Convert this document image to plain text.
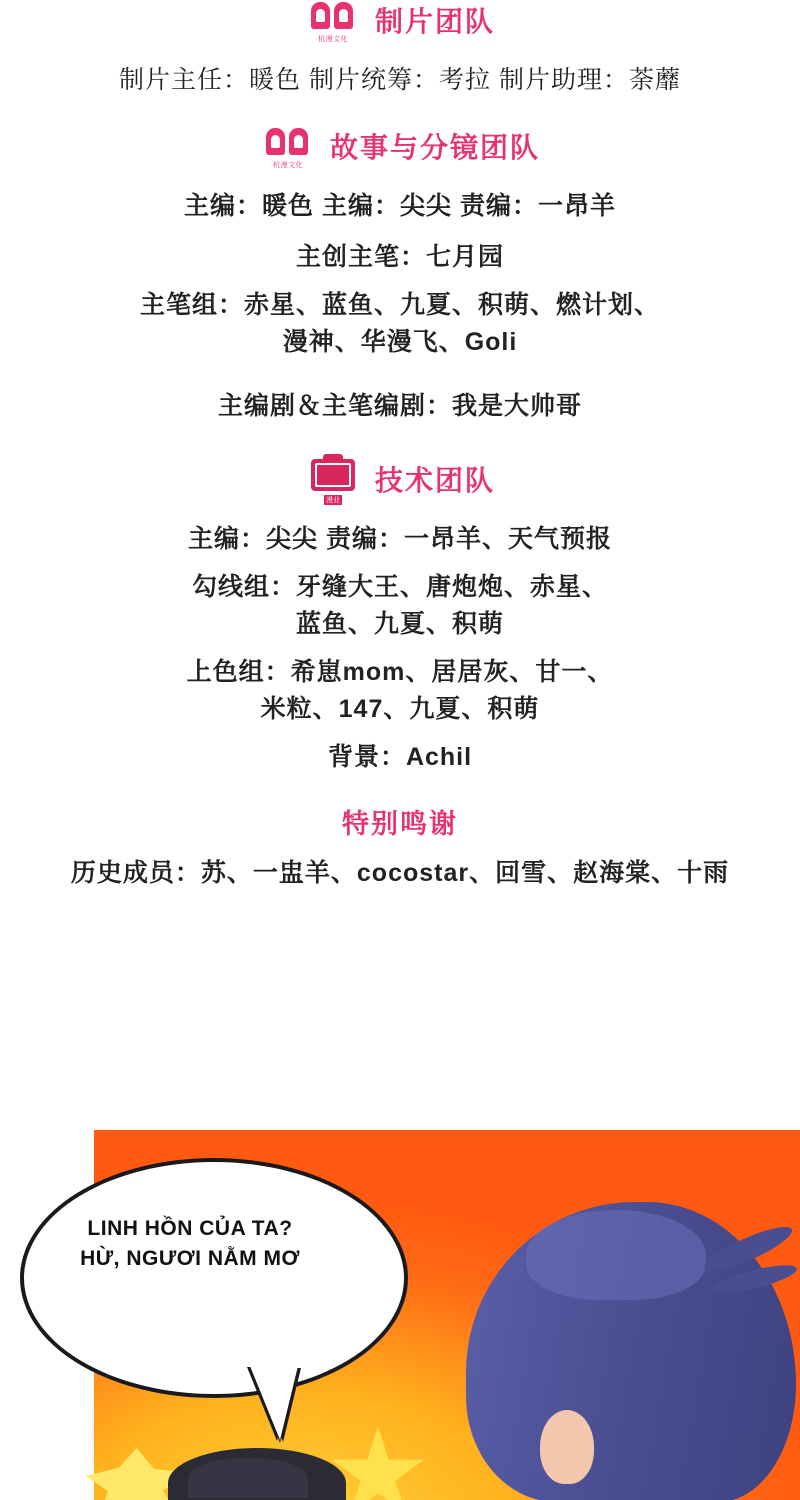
杭漫文化
制片团队
制片主任：暖色 制片统筹：考拉 制片助理：荼蘼
杭漫文化
故事与分镜团队
主编：暖色 主编：尖尖 责编：一昂羊
主创主笔：七月园
主笔组：赤星、蓝鱼、九夏、积萌、燃计划、
漫神、华漫飞、Goli
主编剧＆主笔编剧：我是大帅哥
漫业
技术团队
主编：尖尖 责编：一昂羊、天气预报
勾线组：牙缝大王、唐炮炮、赤星、
蓝鱼、九夏、积萌
上色组：希崽mom、居居灰、甘一、
米粒、147、九夏、积萌
背景：Achil
特别鸣谢
历史成员：苏、一盅羊、cocostar、回雪、赵海棠、十雨
LINH HỒN CỦA TA?
HỪ, NGƯƠI NẰM MƠ
